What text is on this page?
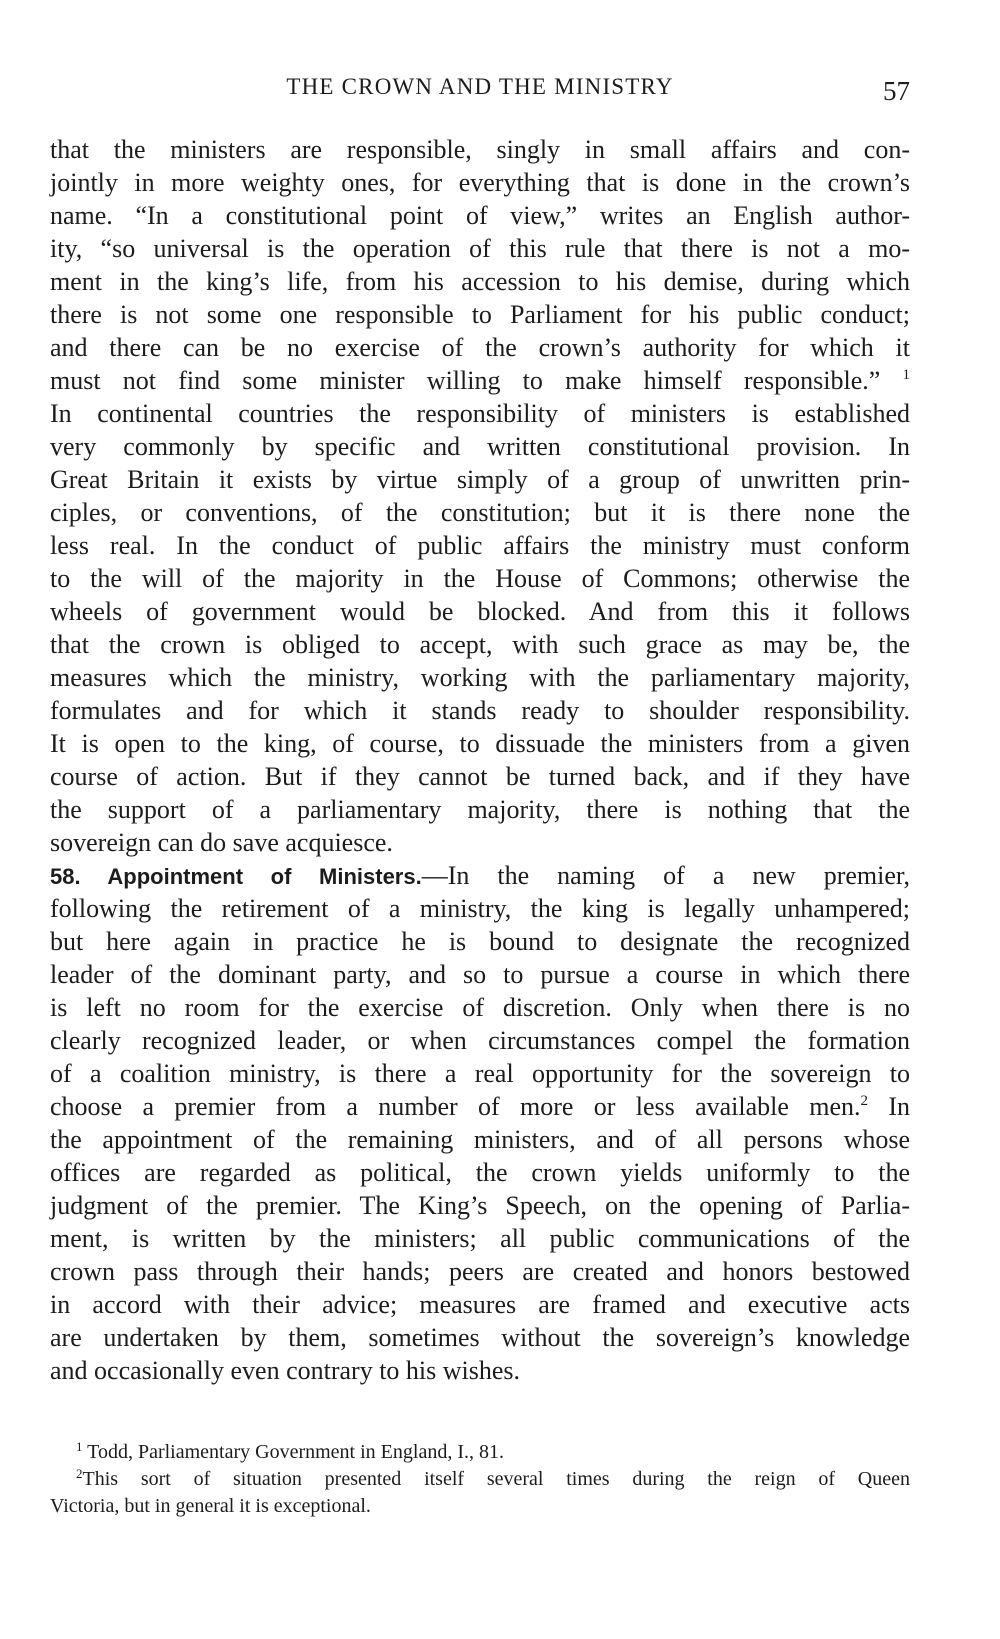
THE CROWN AND THE MINISTRY	57
that the ministers are responsible, singly in small affairs and con-
jointly in more weighty ones, for everything that is done in the crown’s
name. “In a constitutional point of view,” writes an English author-
ity, “so universal is the operation of this rule that there is not a mo-
ment in the king’s life, from his accession to his demise, during which
there is not some one responsible to Parliament for his public conduct;
and there can be no exercise of the crown’s authority for which it
must not find some minister willing to make himself responsible.” $^1$
In continental countries the responsibility of ministers is established
very commonly by specific and written constitutional provision. In
Great Britain it exists by virtue simply of a group of unwritten prin-
ciples, or conventions, of the constitution; but it is there none the
less real. In the conduct of public affairs the ministry must conform
to the will of the majority in the House of Commons; otherwise the
wheels of government would be blocked. And from this it follows
that the crown is obliged to accept, with such grace as may be, the
measures which the ministry, working with the parliamentary majority,
formulates and for which it stands ready to shoulder responsibility.
It is open to the king, of course, to dissuade the ministers from a given
course of action. But if they cannot be turned back, and if they have
the support of a parliamentary majority, there is nothing that the
sovereign can do save acquiesce.
58. Appointment of Ministers.—In the naming of a new premier,
following the retirement of a ministry, the king is legally unhampered;
but here again in practice he is bound to designate the recognized
leader of the dominant party, and so to pursue a course in which there
is left no room for the exercise of discretion. Only when there is no
clearly recognized leader, or when circumstances compel the formation
of a coalition ministry, is there a real opportunity for the sovereign to
choose a premier from a number of more or less available men.$^2$ In
the appointment of the remaining ministers, and of all persons whose
offices are regarded as political, the crown yields uniformly to the
judgment of the premier. The King’s Speech, on the opening of Parlia-
ment, is written by the ministers; all public communications of the
crown pass through their hands; peers are created and honors bestowed
in accord with their advice; measures are framed and executive acts
are undertaken by them, sometimes without the sovereign’s knowledge
and occasionally even contrary to his wishes.
$^1$ Todd, Parliamentary Government in England, I., 81.
$^2$This sort of situation presented itself several times during the reign of Queen
Victoria, but in general it is exceptional.
